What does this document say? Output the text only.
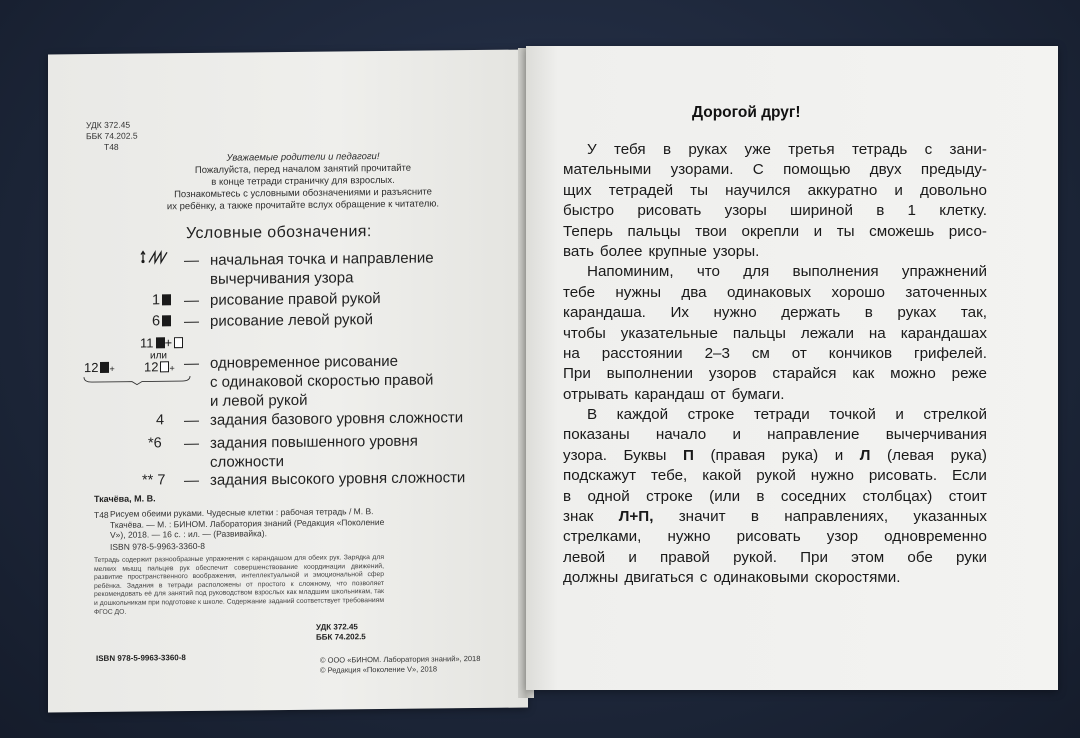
УДК 372.45
ББК 74.202.5
Т48
Уважаемые родители и педагоги!
Пожалуйста, перед началом занятий прочитайте
в конце тетради страничку для взрослых.
Познакомьтесь с условными обозначениями и разъясните
их ребёнку, а также прочитайте вслух обращение к читателю.
Условные обозначения:
— начальная точка и направление
вычерчивания узора
1	— рисование правой рукой
6	— рисование левой рукой
11 +
или
12 + 12 + — одновременное рисование
с одинаковой скоростью правой
и левой рукой
4 — задания базового уровня сложности
*6 — задания повышенного уровня
сложности
** 7 — задания высокого уровня сложности
Ткачёва, М. В.
Т48 Рисуем обеими руками. Чудесные клетки : рабочая тетрадь / М. В. Ткачёва. — М. : БИНОМ. Лаборатория знаний (Редакция «Поколение V»), 2018. — 16 с. : ил. — (Развивайка).
ISBN 978-5-9963-3360-8
Тетрадь содержит разнообразные упражнения с карандашом для обеих рук. Зарядка для мелких мышц пальцев рук обеспечит совершенствование координации движений, развитие пространственного воображения, интеллектуальной и эмоциональной сфер ребёнка. Задания в тетради расположены от простого к сложному, что позволяет рекомендовать её для занятий под руководством взрослых как младшим школьникам, так и дошкольникам при подготовке к школе. Содержание заданий соответствует требованиям ФГОС ДО.
УДК 372.45
ББК 74.202.5
ISBN 978-5-9963-3360-8	© ООО «БИНОМ. Лаборатория знаний», 2018
© Редакция «Поколение V», 2018
Дорогой друг!
У тебя в руках уже третья тетрадь с зани-
мательными узорами. С помощью двух предыду-
щих тетрадей ты научился аккуратно и довольно
быстро рисовать узоры шириной в 1 клетку.
Теперь пальцы твои окрепли и ты сможешь рисо-
вать более крупные узоры.
Напоминим, что для выполнения упражнений
тебе нужны два одинаковых хорошо заточенных
карандаша. Их нужно держать в руках так,
чтобы указательные пальцы лежали на карандашах
на расстоянии 2–3 см от кончиков грифелей.
При выполнении узоров старайся как можно реже
отрывать карандаш от бумаги.
В каждой строке тетради точкой и стрелкой
показаны начало и направление вычерчивания
узора. Буквы П (правая рука) и Л (левая рука)
подскажут тебе, какой рукой нужно рисовать. Если
в одной строке (или в соседних столбцах) стоит
знак Л+П, значит в направлениях, указанных
стрелками, нужно рисовать узор одновременно
левой и правой рукой. При этом обе руки
должны двигаться с одинаковыми скоростями.
